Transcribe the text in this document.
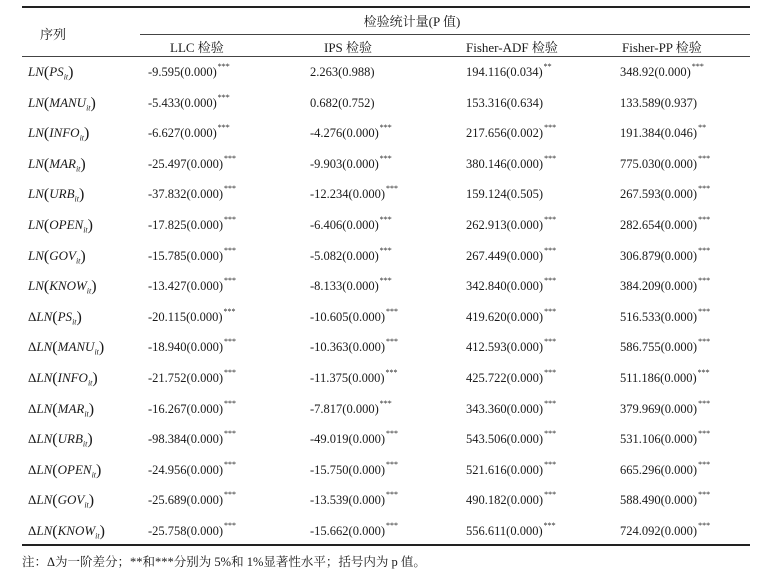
检验统计量(P 值)
序列
LLC 检验	IPS 检验	Fisher-ADF 检验	Fisher-PP 检验
$LN(PS_{it})$	-9.595(0.000)***	2.263(0.988)	194.116(0.034)**	348.92(0.000)***
$LN(MANU_{it})$	-5.433(0.000)***	0.682(0.752)	153.316(0.634)	133.589(0.937)
$LN(INFO_{it})$	-6.627(0.000)***	-4.276(0.000)***	217.656(0.002)***	191.384(0.046)**
$LN(MAR_{it})$	-25.497(0.000)***	-9.903(0.000)***	380.146(0.000)***	775.030(0.000)***
$LN(URB_{it})$	-37.832(0.000)***	-12.234(0.000)***	159.124(0.505)	267.593(0.000)***
$LN(OPEN_{it})$	-17.825(0.000)***	-6.406(0.000)***	262.913(0.000)***	282.654(0.000)***
$LN(GOV_{it})$	-15.785(0.000)***	-5.082(0.000)***	267.449(0.000)***	306.879(0.000)***
$LN(KNOW_{it})$	-13.427(0.000)***	-8.133(0.000)***	342.840(0.000)***	384.209(0.000)***
$\Delta LN(PS_{it})$	-20.115(0.000)***	-10.605(0.000)***	419.620(0.000)***	516.533(0.000)***
$\Delta LN(MANU_{it})$	-18.940(0.000)***	-10.363(0.000)***	412.593(0.000)***	586.755(0.000)***
$\Delta LN(INFO_{it})$	-21.752(0.000)***	-11.375(0.000)***	425.722(0.000)***	511.186(0.000)***
$\Delta LN(MAR_{it})$	-16.267(0.000)***	-7.817(0.000)***	343.360(0.000)***	379.969(0.000)***
$\Delta LN(URB_{it})$	-98.384(0.000)***	-49.019(0.000)***	543.506(0.000)***	531.106(0.000)***
$\Delta LN(OPEN_{it})$	-24.956(0.000)***	-15.750(0.000)***	521.616(0.000)***	665.296(0.000)***
$\Delta LN(GOV_{it})$	-25.689(0.000)***	-13.539(0.000)***	490.182(0.000)***	588.490(0.000)***
$\Delta LN(KNOW_{it})$	-25.758(0.000)***	-15.662(0.000)***	556.611(0.000)***	724.092(0.000)***
注：Δ为一阶差分；**和***分别为 5%和 1%显著性水平；括号内为 p 值。
